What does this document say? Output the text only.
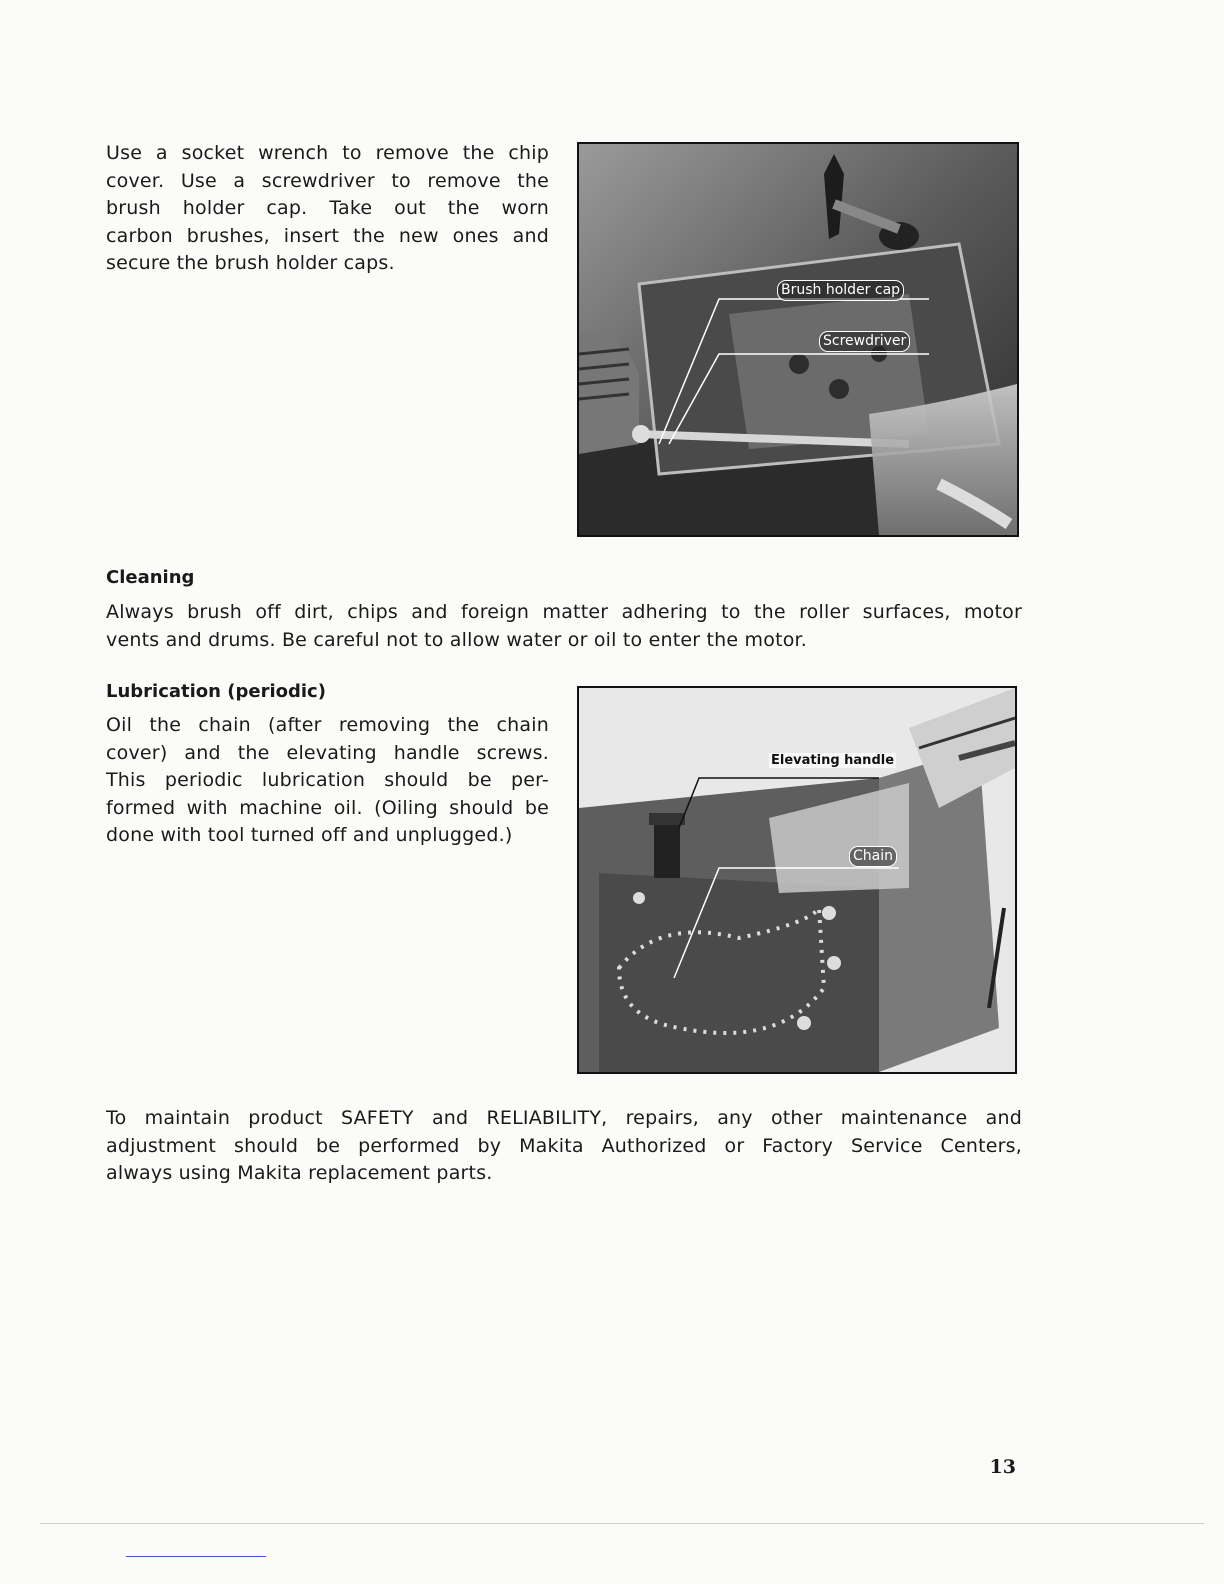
Use a socket wrench to remove the chip
cover. Use a screwdriver to remove the
brush holder cap. Take out the worn
carbon brushes, insert the new ones and
secure the brush holder caps.
Brush holder cap
Screwdriver
Cleaning
Always brush off dirt, chips and foreign matter adhering to the roller surfaces, motor
vents and drums. Be careful not to allow water or oil to enter the motor.
Lubrication (periodic)
Oil the chain (after removing the chain
cover) and the elevating handle screws.
This periodic lubrication should be per-
formed with machine oil. (Oiling should be
done with tool turned off and unplugged.)
Elevating handle
Chain
To maintain product SAFETY and RELIABILITY, repairs, any other maintenance and
adjustment should be performed by Makita Authorized or Factory Service Centers,
always using Makita replacement parts.
13
